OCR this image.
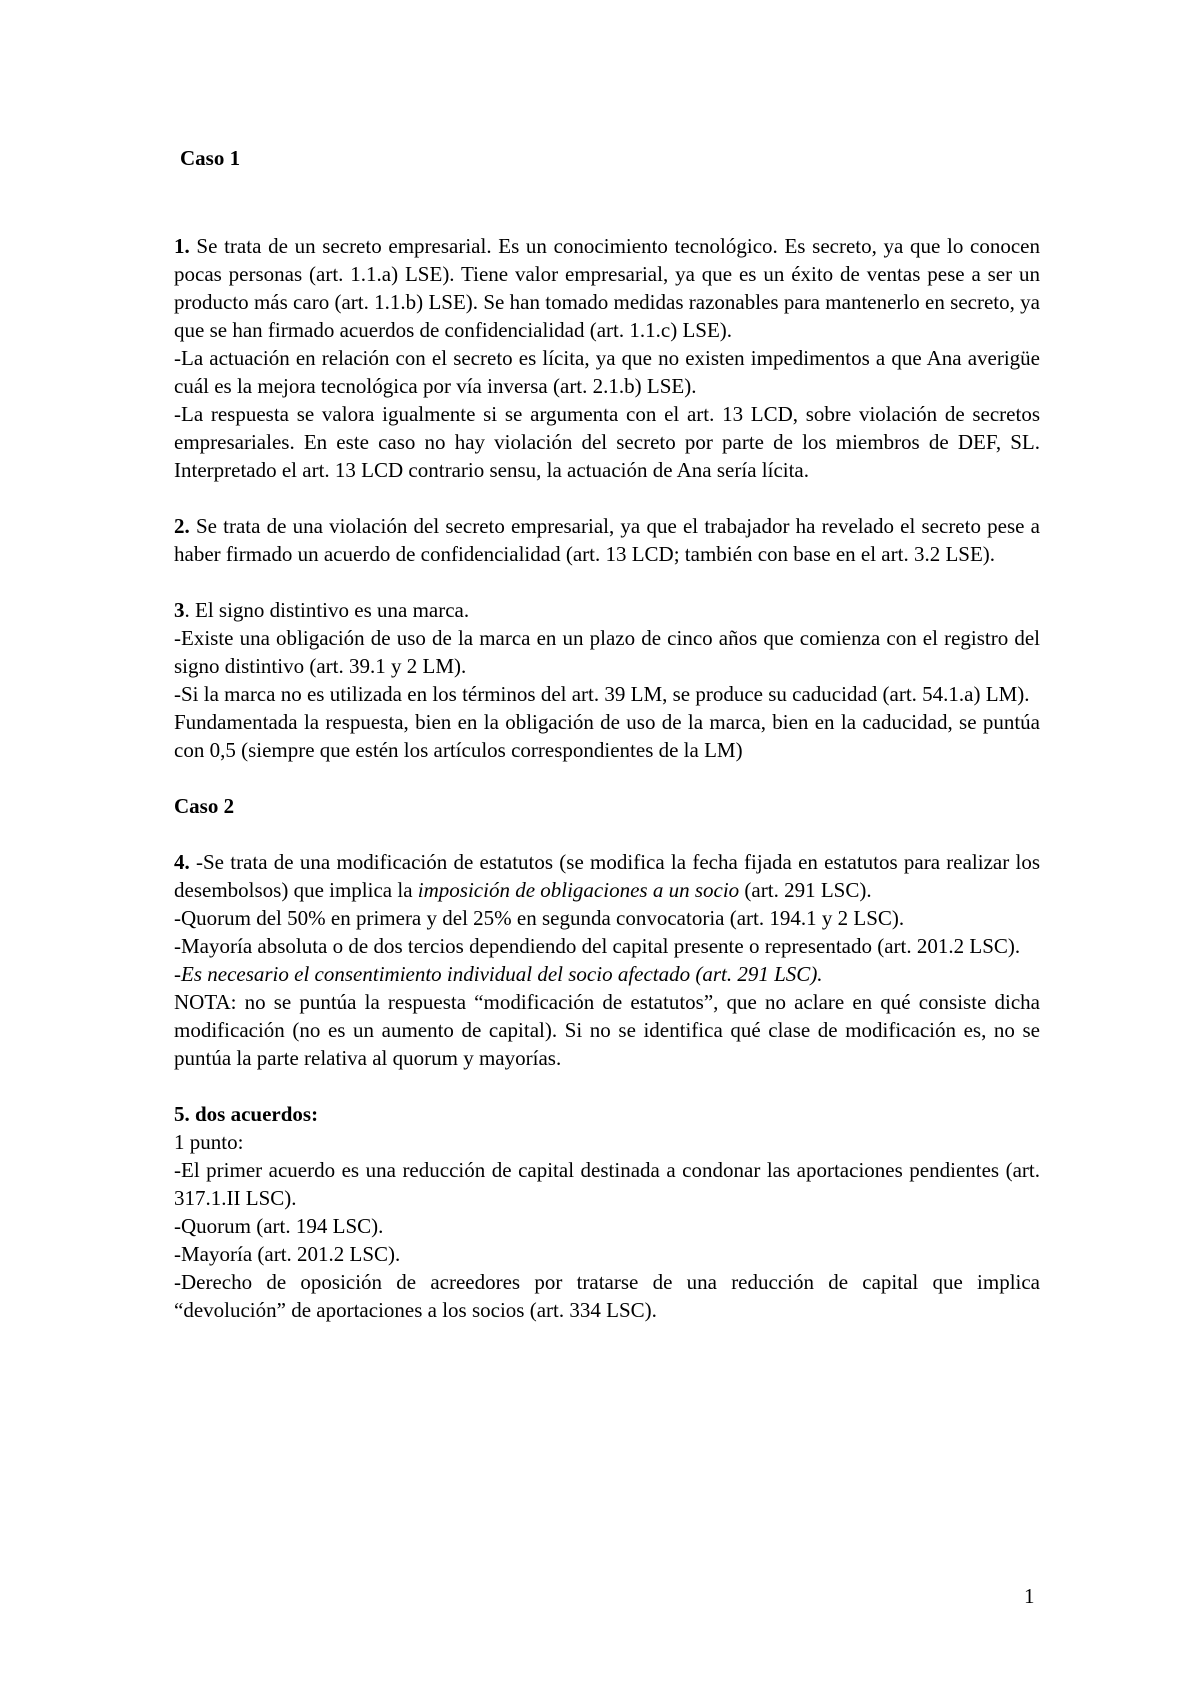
Caso 1

1. Se trata de un secreto empresarial. Es un conocimiento tecnológico. Es secreto, ya que lo conocen pocas personas (art. 1.1.a) LSE). Tiene valor empresarial, ya que es un éxito de ventas pese a ser un producto más caro (art. 1.1.b) LSE). Se han tomado medidas razonables para mantenerlo en secreto, ya que se han firmado acuerdos de confidencialidad (art. 1.1.c) LSE).

-La actuación en relación con el secreto es lícita, ya que no existen impedimentos a que Ana averigüe cuál es la mejora tecnológica por vía inversa (art. 2.1.b) LSE).

-La respuesta se valora igualmente si se argumenta con el art. 13 LCD, sobre violación de secretos empresariales. En este caso no hay violación del secreto por parte de los miembros de DEF, SL. Interpretado el art. 13 LCD contrario sensu, la actuación de Ana sería lícita.

2. Se trata de una violación del secreto empresarial, ya que el trabajador ha revelado el secreto pese a haber firmado un acuerdo de confidencialidad (art. 13 LCD; también con base en el art. 3.2 LSE).

3. El signo distintivo es una marca.

-Existe una obligación de uso de la marca en un plazo de cinco años que comienza con el registro del signo distintivo (art. 39.1 y 2 LM).

-Si la marca no es utilizada en los términos del art. 39 LM, se produce su caducidad (art. 54.1.a) LM).

Fundamentada la respuesta, bien en la obligación de uso de la marca, bien en la caducidad, se puntúa con 0,5 (siempre que estén los artículos correspondientes de la LM)

Caso 2

4. -Se trata de una modificación de estatutos (se modifica la fecha fijada en estatutos para realizar los desembolsos) que implica la imposición de obligaciones a un socio (art. 291 LSC).

-Quorum del 50% en primera y del 25% en segunda convocatoria (art. 194.1 y 2 LSC).

-Mayoría absoluta o de dos tercios dependiendo del capital presente o representado (art. 201.2 LSC).

-Es necesario el consentimiento individual del socio afectado (art. 291 LSC).

NOTA: no se puntúa la respuesta “modificación de estatutos”, que no aclare en qué consiste dicha modificación (no es un aumento de capital). Si no se identifica qué clase de modificación es, no se puntúa la parte relativa al quorum y mayorías.

5. dos acuerdos:

1 punto:

-El primer acuerdo es una reducción de capital destinada a condonar las aportaciones pendientes (art. 317.1.II LSC).

-Quorum (art. 194 LSC).

-Mayoría (art. 201.2 LSC).

-Derecho de oposición de acreedores por tratarse de una reducción de capital que implica “devolución” de aportaciones a los socios (art. 334 LSC).

1
